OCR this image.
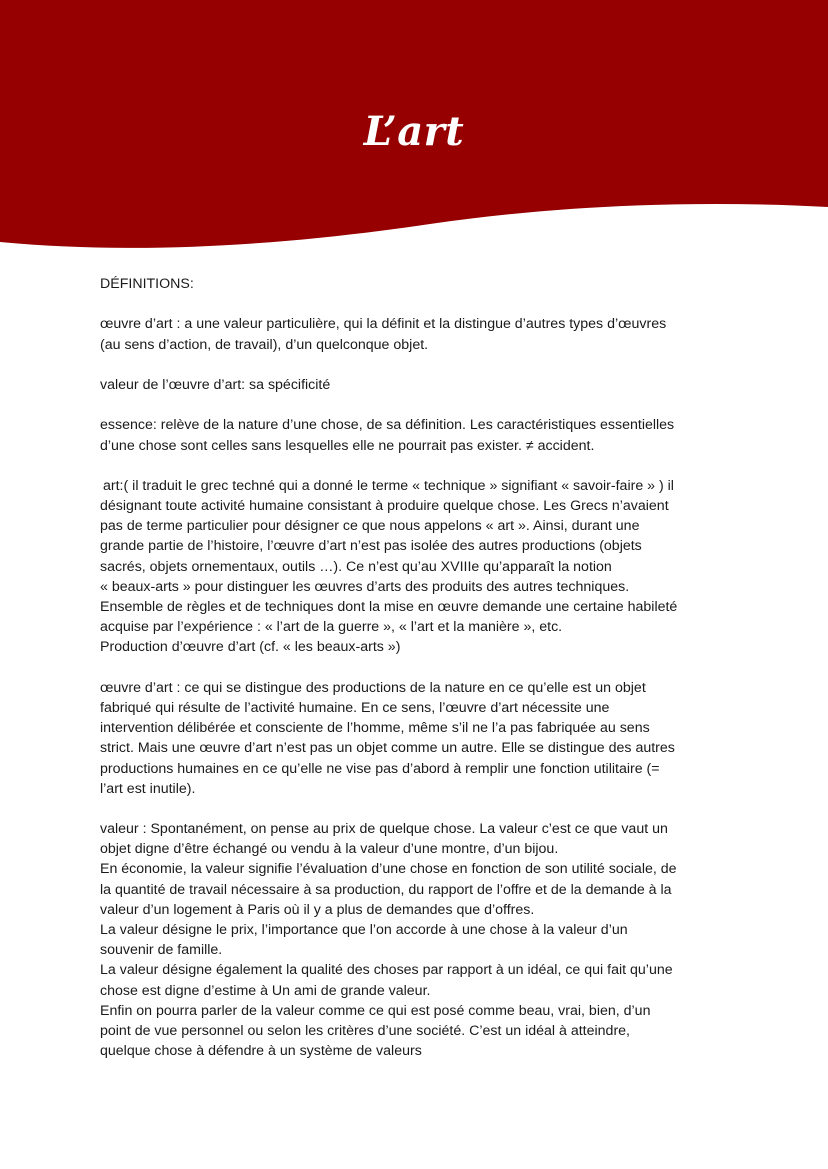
L’art
DÉFINITIONS:
œuvre d’art : a une valeur particulière, qui la définit et la distingue d’autres types d’œuvres
(au sens d’action, de travail), d’un quelconque objet.
valeur de l’œuvre d’art: sa spécificité
essence: relève de la nature d’une chose, de sa définition. Les caractéristiques essentielles
d’une chose sont celles sans lesquelles elle ne pourrait pas exister. ≠ accident.
art:( il traduit le grec techné qui a donné le terme « technique » signifiant « savoir-faire » ) il
désignant toute activité humaine consistant à produire quelque chose. Les Grecs n’avaient
pas de terme particulier pour désigner ce que nous appelons « art ». Ainsi, durant une
grande partie de l’histoire, l’œuvre d’art n’est pas isolée des autres productions (objets
sacrés, objets ornementaux, outils …). Ce n’est qu’au XVIIIe qu’apparaît la notion
« beaux-arts » pour distinguer les œuvres d’arts des produits des autres techniques.
Ensemble de règles et de techniques dont la mise en œuvre demande une certaine habileté
acquise par l’expérience : « l’art de la guerre », « l’art et la manière », etc.
Production d’œuvre d’art (cf. « les beaux-arts »)
œuvre d’art : ce qui se distingue des productions de la nature en ce qu’elle est un objet
fabriqué qui résulte de l’activité humaine. En ce sens, l’œuvre d’art nécessite une
intervention délibérée et consciente de l’homme, même s’il ne l’a pas fabriquée au sens
strict. Mais une œuvre d’art n’est pas un objet comme un autre. Elle se distingue des autres
productions humaines en ce qu’elle ne vise pas d’abord à remplir une fonction utilitaire (=
l’art est inutile).
valeur : Spontanément, on pense au prix de quelque chose. La valeur c’est ce que vaut un
objet digne d’être échangé ou vendu à la valeur d’une montre, d’un bijou.
En économie, la valeur signifie l’évaluation d’une chose en fonction de son utilité sociale, de
la quantité de travail nécessaire à sa production, du rapport de l’offre et de la demande à la
valeur d’un logement à Paris où il y a plus de demandes que d’offres.
La valeur désigne le prix, l’importance que l’on accorde à une chose à la valeur d’un
souvenir de famille.
La valeur désigne également la qualité des choses par rapport à un idéal, ce qui fait qu’une
chose est digne d’estime à Un ami de grande valeur.
Enfin on pourra parler de la valeur comme ce qui est posé comme beau, vrai, bien, d’un
point de vue personnel ou selon les critères d’une société. C’est un idéal à atteindre,
quelque chose à défendre à un système de valeurs
